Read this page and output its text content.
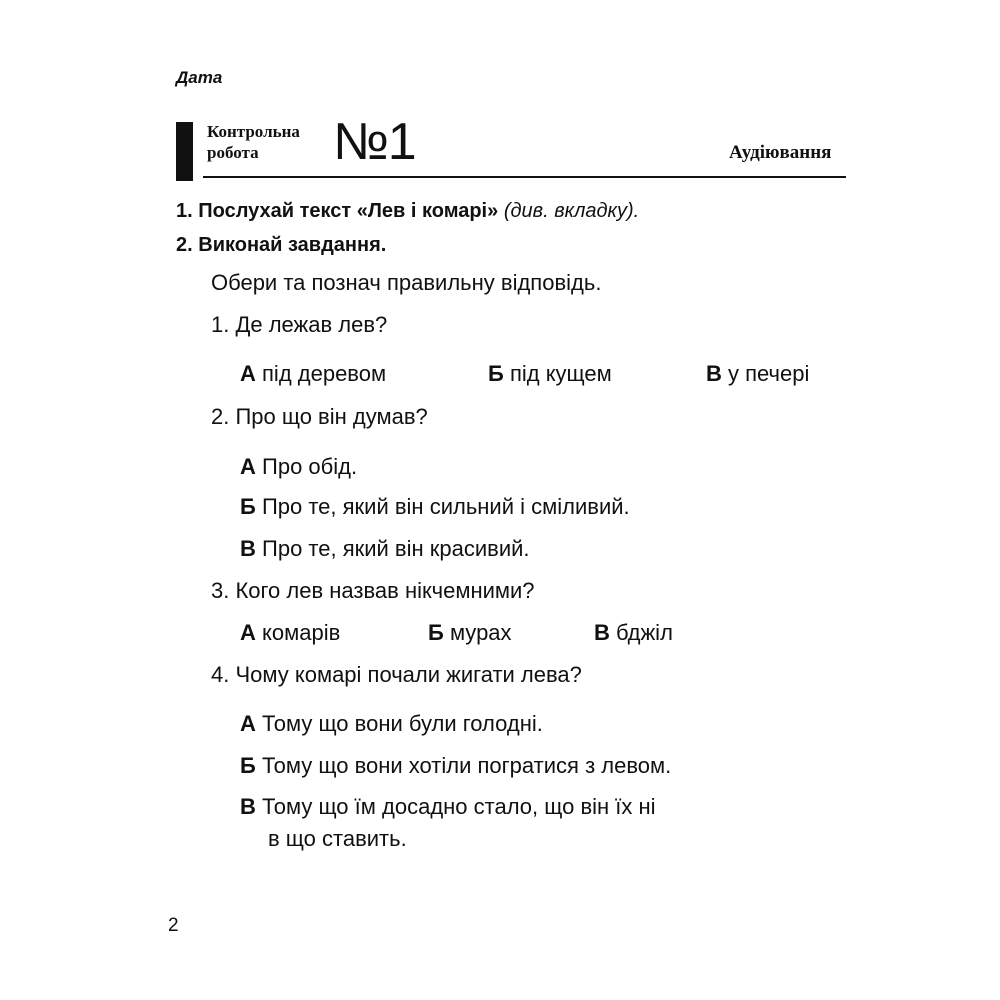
Дата
Контрольна
робота	№1	Аудіювання
1. Послухай текст «Лев і комарі» (див. вкладку).
2. Виконай завдання.
Обери та познач правильну відповідь.
1. Де лежав лев?
А під деревом	Б під кущем	В у печері
2. Про що він думав?
А Про обід.
Б Про те, який він сильний і сміливий.
В Про те, який він красивий.
3. Кого лев назвав нікчемними?
А комарів	Б мурах	В бджіл
4. Чому комарі почали жигати лева?
А Тому що вони були голодні.
Б Тому що вони хотіли погратися з левом.
В Тому що їм досадно стало, що він їх ні
в що ставить.
2
